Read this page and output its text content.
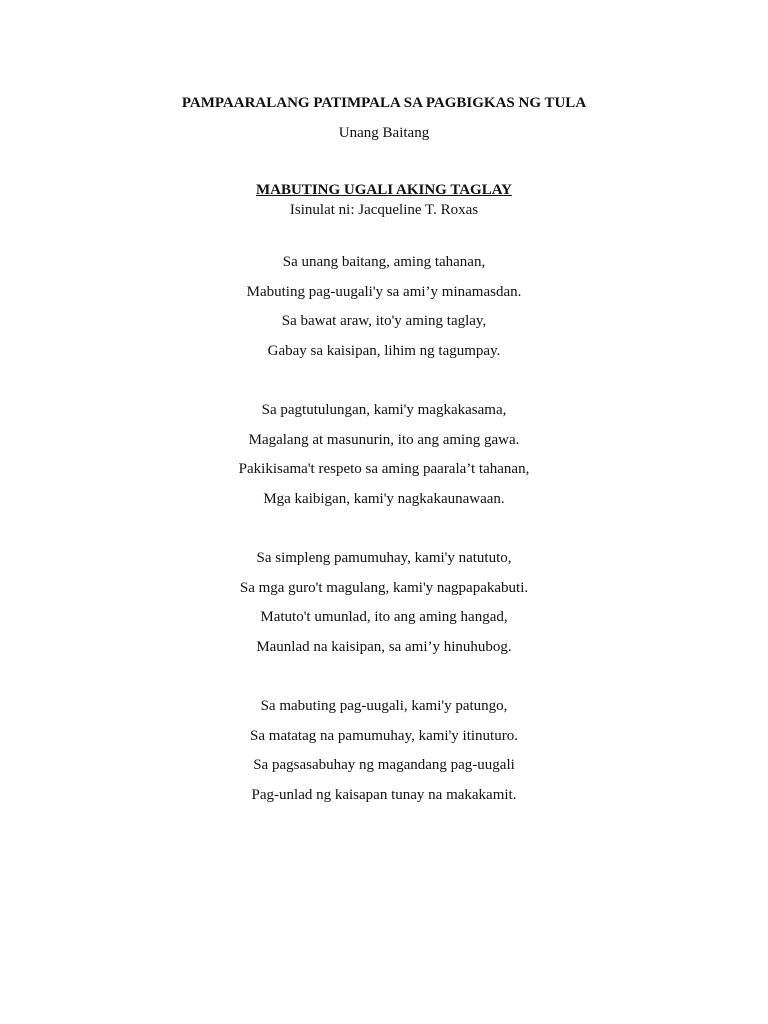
PAMPAARALANG PATIMPALA SA PAGBIGKAS NG TULA
Unang Baitang
MABUTING UGALI AKING TAGLAY
Isinulat ni: Jacqueline T. Roxas
Sa unang baitang, aming tahanan,
Mabuting pag-uugali'y sa ami’y minamasdan.
Sa bawat araw, ito'y aming taglay,
Gabay sa kaisipan, lihim ng tagumpay.
Sa pagtutulungan, kami'y magkakasama,
Magalang at masunurin, ito ang aming gawa.
Pakikisama't respeto sa aming paarala’t tahanan,
Mga kaibigan, kami'y nagkakaunawaan.
Sa simpleng pamumuhay, kami'y natututo,
Sa mga guro't magulang, kami'y nagpapakabuti.
Matuto't umunlad, ito ang aming hangad,
Maunlad na kaisipan, sa ami’y hinuhubog.
Sa mabuting pag-uugali, kami'y patungo,
Sa matatag na pamumuhay, kami'y itinuturo.
Sa pagsasabuhay ng magandang pag-uugali
Pag-unlad ng kaisapan tunay na makakamit.
